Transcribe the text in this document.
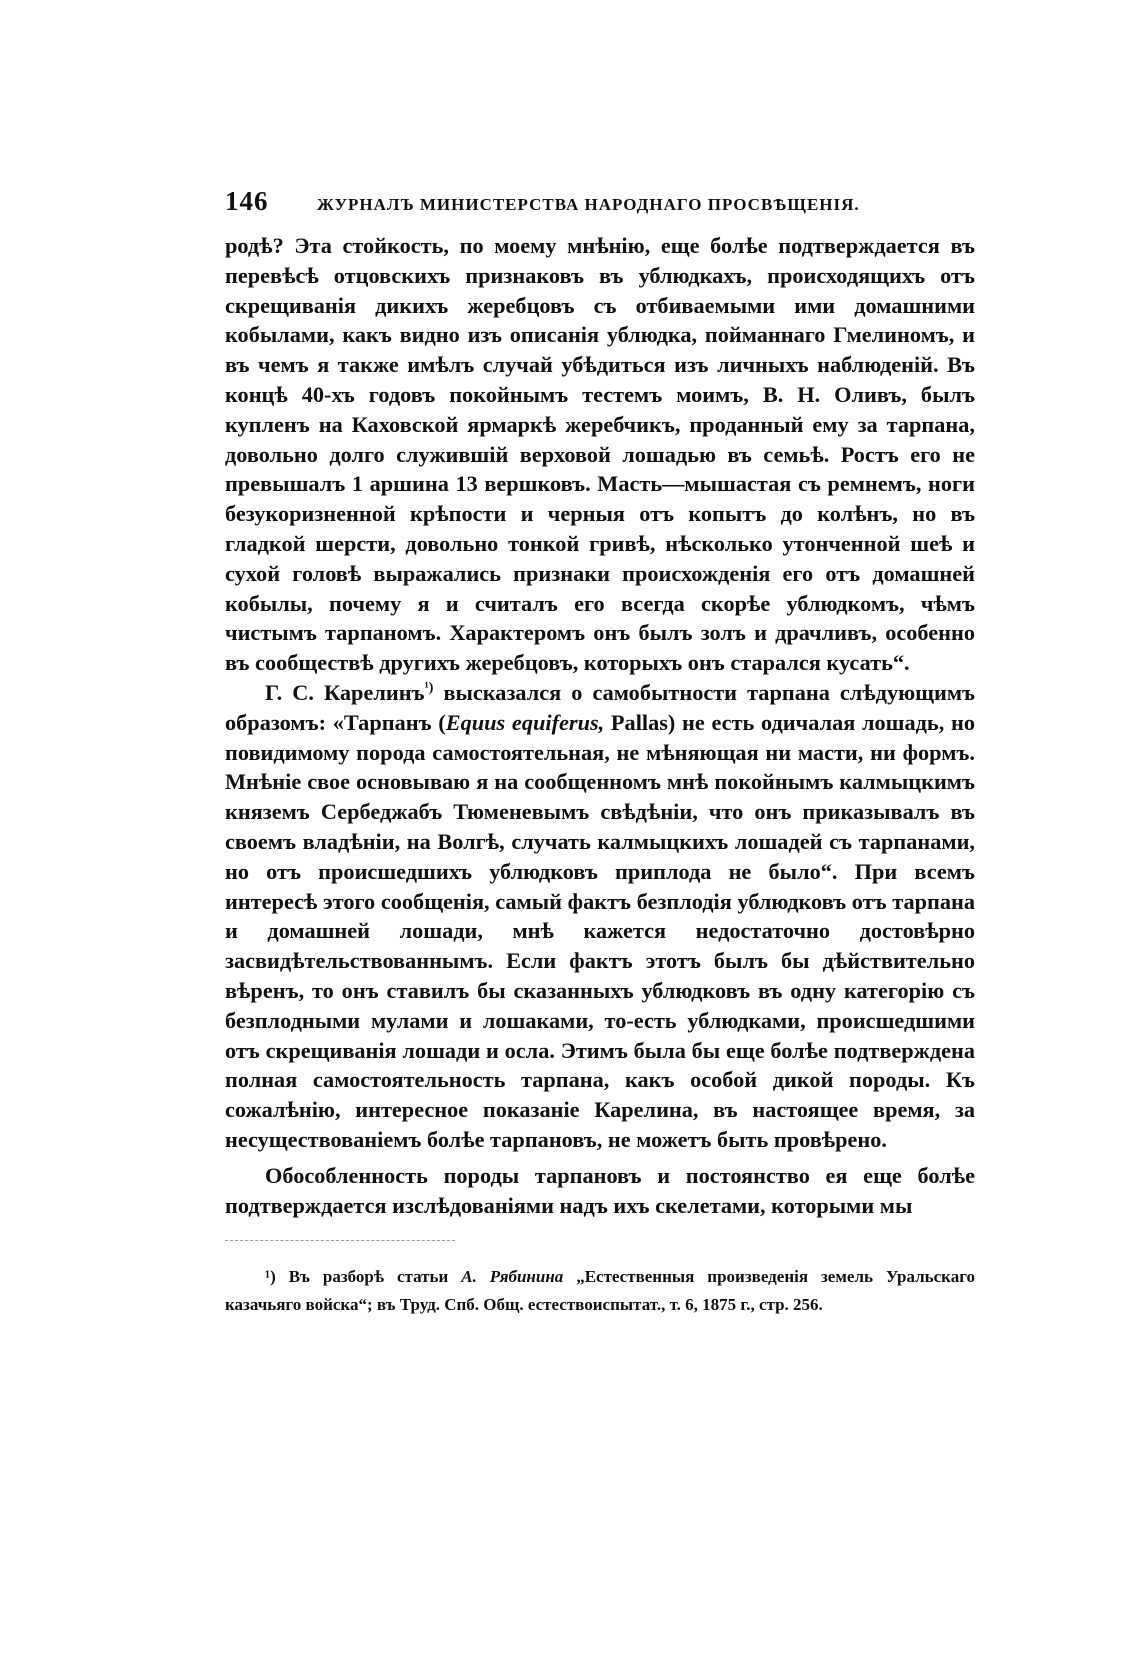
146	ЖУРНАЛЪ МИНИСТЕРСТВА НАРОДНАГО ПРОСВѢЩЕНІЯ.

родѣ? Эта стойкость, по моему мнѣнію, еще болѣе подтверждается въ перевѣсѣ отцовскихъ признаковъ въ ублюдкахъ, происходящихъ отъ скрещиванія дикихъ жеребцовъ съ отбиваемыми ими домашними кобылами, какъ видно изъ описанія ублюдка, пойманнаго Гмелиномъ, и въ чемъ я также имѣлъ случай убѣдиться изъ личныхъ наблюденій. Въ концѣ 40-хъ годовъ покойнымъ тестемъ моимъ, В. Н. Оливъ, былъ купленъ на Каховской ярмаркѣ жеребчикъ, проданный ему за тарпана, довольно долго служившій верховой лошадью въ семьѣ. Ростъ его не превышалъ 1 аршина 13 вершковъ. Масть—мышастая съ ремнемъ, ноги безукоризненной крѣпости и черныя отъ копытъ до колѣнъ, но въ гладкой шерсти, довольно тонкой гривѣ, нѣсколько утонченной шеѣ и сухой головѣ выражались признаки происхожденія его отъ домашней кобылы, почему я и считалъ его всегда скорѣе ублюдкомъ, чѣмъ чистымъ тарпаномъ. Характеромъ онъ былъ золъ и драчливъ, особенно въ сообществѣ другихъ жеребцовъ, которыхъ онъ старался кусать“.

Г. С. Карелинъ$^{^1)}$ высказался о самобытности тарпана слѣдующимъ образомъ: «Тарпанъ (Equus equiferus, Pallas) не есть одичалая лошадь, но повидимому порода самостоятельная, не мѣняющая ни масти, ни формъ. Мнѣніе свое основываю я на сообщенномъ мнѣ покойнымъ калмыцкимъ княземъ Сербеджабъ Тюменевымъ свѣдѣніи, что онъ приказывалъ въ своемъ владѣніи, на Волгѣ, случать калмыцкихъ лошадей съ тарпанами, но отъ происшедшихъ ублюдковъ приплода не было“. При всемъ интересѣ этого сообщенія, самый фактъ безплодія ублюдковъ отъ тарпана и домашней лошади, мнѣ кажется недостаточно достовѣрно засвидѣтельствованнымъ. Если фактъ этотъ былъ бы дѣйствительно вѣренъ, то онъ ставилъ бы сказанныхъ ублюдковъ въ одну категорію съ безплодными мулами и лошаками, то-есть ублюдками, происшедшими отъ скрещиванія лошади и осла. Этимъ была бы еще болѣе подтверждена полная самостоятельность тарпана, какъ особой дикой породы. Къ сожалѣнію, интересное показаніе Карелина, въ настоящее время, за несуществованіемъ болѣе тарпановъ, не можетъ быть провѣрено.

Обособленность породы тарпановъ и постоянство ея еще болѣе подтверждается изслѣдованіями надъ ихъ скелетами, которыми мы

¹) Въ разборѣ статьи А. Рябинина „Естественныя произведенія земель Уральскаго казачьяго войска“; въ Труд. Спб. Общ. естествоиспытат., т. 6, 1875 г., стр. 256.
